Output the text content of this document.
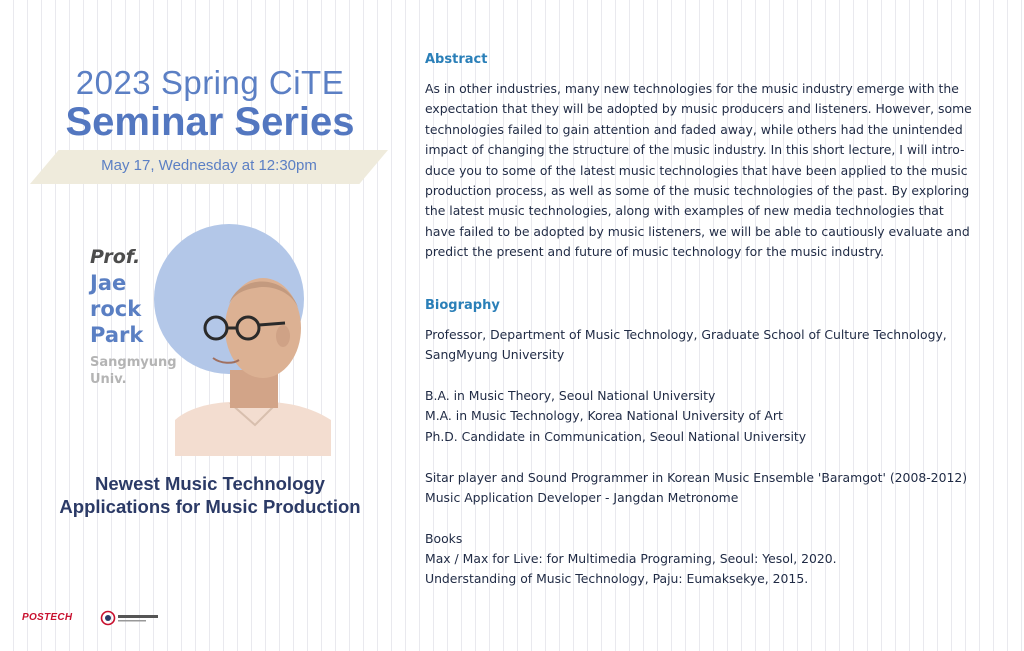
2023 Spring CiTE
Seminar Series
May 17, Wednesday at 12:30pm
Prof.
Jae
rock
Park
Sangmyung
Univ.
Newest Music Technology
Applications for Music Production
POSTECH
Abstract
As in other industries, many new technologies for the music industry emerge with the
expectation that they will be adopted by music producers and listeners. However, some
technologies failed to gain attention and faded away, while others had the unintended
impact of changing the structure of the music industry. In this short lecture, I will intro-
duce you to some of the latest music technologies that have been applied to the music
production process, as well as some of the music technologies of the past. By exploring
the latest music technologies, along with examples of new media technologies that
have failed to be adopted by music listeners, we will be able to cautiously evaluate and
predict the present and future of music technology for the music industry.
Biography
Professor, Department of Music Technology, Graduate School of Culture Technology,
SangMyung University
B.A. in Music Theory, Seoul National University
M.A. in Music Technology, Korea National University of Art
Ph.D. Candidate in Communication, Seoul National University
Sitar player and Sound Programmer in Korean Music Ensemble 'Baramgot' (2008-2012)
Music Application Developer - Jangdan Metronome
Books
Max / Max for Live: for Multimedia Programing, Seoul: Yesol, 2020.
Understanding of Music Technology, Paju: Eumaksekye, 2015.
